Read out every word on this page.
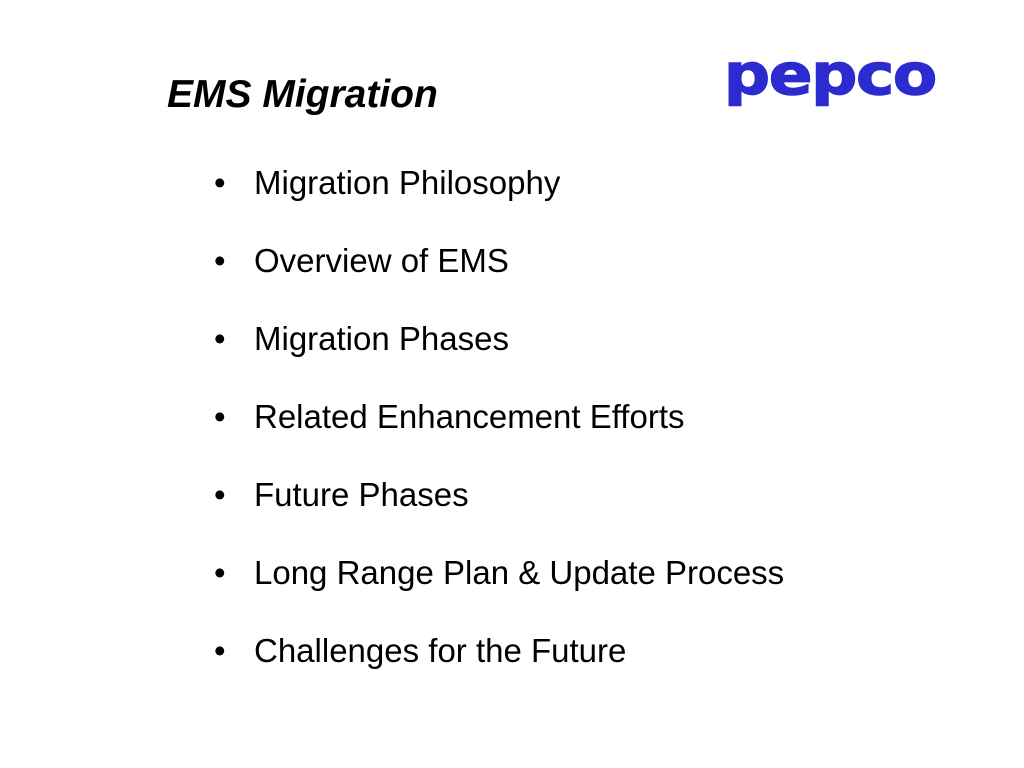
EMS Migration	pepco
• Migration Philosophy
• Overview of EMS
• Migration Phases
• Related Enhancement Efforts
• Future Phases
• Long Range Plan & Update Process
• Challenges for the Future
